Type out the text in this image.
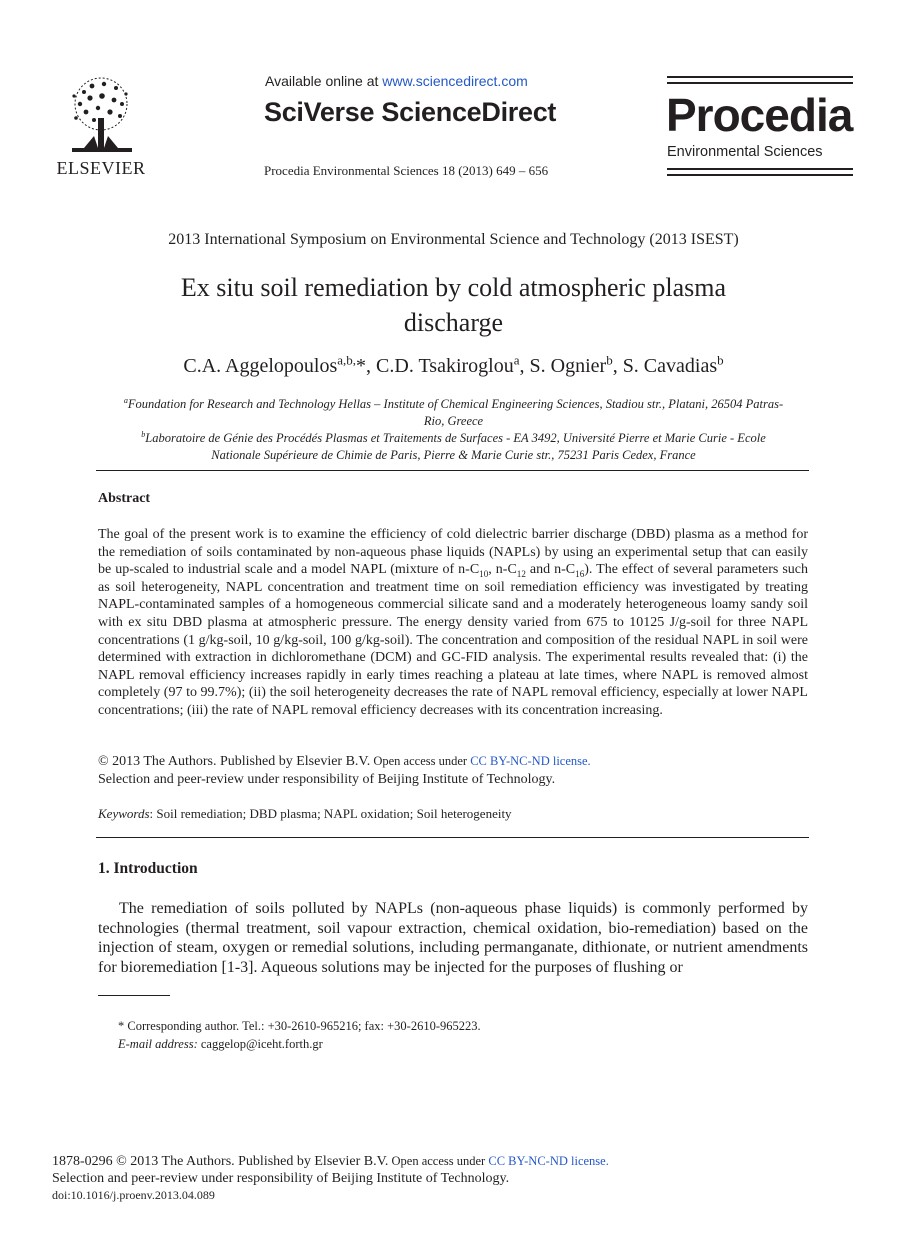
ELSEVIER
Available online at www.sciencedirect.com
SciVerse ScienceDirect
Procedia Environmental Sciences 18 (2013) 649 – 656
Procedia
Environmental Sciences
2013 International Symposium on Environmental Science and Technology (2013 ISEST)
Ex situ soil remediation by cold atmospheric plasma
discharge
C.A. Aggelopoulos$^{a,b,}$*, C.D. Tsakiroglou$^a$, S. Ognier$^b$, S. Cavadias$^b$
$^a$Foundation for Research and Technology Hellas – Institute of Chemical Engineering Sciences, Stadiou str., Platani, 26504 Patras-
Rio, Greece
$^b$Laboratoire de Génie des Procédés Plasmas et Traitements de Surfaces - EA 3492, Université Pierre et Marie Curie - Ecole
Nationale Supérieure de Chimie de Paris, Pierre & Marie Curie str., 75231 Paris Cedex, France
Abstract
The goal of the present work is to examine the efficiency of cold dielectric barrier discharge (DBD) plasma as a method for the remediation of soils contaminated by non-aqueous phase liquids (NAPLs) by using an experimental setup that can easily be up-scaled to industrial scale and a model NAPL (mixture of $n-C_{10}$, $n-C_{12}$ and $n-C_{16}$). The effect of several parameters such as soil heterogeneity, NAPL concentration and treatment time on soil remediation efficiency was investigated by treating NAPL-contaminated samples of a homogeneous commercial silicate sand and a moderately heterogeneous loamy sandy soil with ex situ DBD plasma at atmospheric pressure. The energy density varied from 675 to 10125 J/g-soil for three NAPL concentrations (1 g/kg-soil, 10 g/kg-soil, 100 g/kg-soil). The concentration and composition of the residual NAPL in soil were determined with extraction in dichloromethane (DCM) and GC-FID analysis. The experimental results revealed that: (i) the NAPL removal efficiency increases rapidly in early times reaching a plateau at late times, where NAPL is removed almost completely (97 to 99.7%); (ii) the soil heterogeneity decreases the rate of NAPL removal efficiency, especially at lower NAPL concentrations; (iii) the rate of NAPL removal efficiency decreases with its concentration increasing.
© 2013 The Authors. Published by Elsevier B.V. Open access under CC BY-NC-ND license.
Selection and peer-review under responsibility of Beijing Institute of Technology.
Keywords: Soil remediation; DBD plasma; NAPL oxidation; Soil heterogeneity
1. Introduction
The remediation of soils polluted by NAPLs (non-aqueous phase liquids) is commonly performed by technologies (thermal treatment, soil vapour extraction, chemical oxidation, bio-remediation) based on the injection of steam, oxygen or remedial solutions, including permanganate, dithionate, or nutrient amendments for bioremediation [1-3]. Aqueous solutions may be injected for the purposes of flushing or
* Corresponding author. Tel.: +30-2610-965216; fax: +30-2610-965223.
E-mail address: caggelop@iceht.forth.gr
1878-0296 © 2013 The Authors. Published by Elsevier B.V. Open access under CC BY-NC-ND license.
Selection and peer-review under responsibility of Beijing Institute of Technology.
doi:10.1016/j.proenv.2013.04.089
